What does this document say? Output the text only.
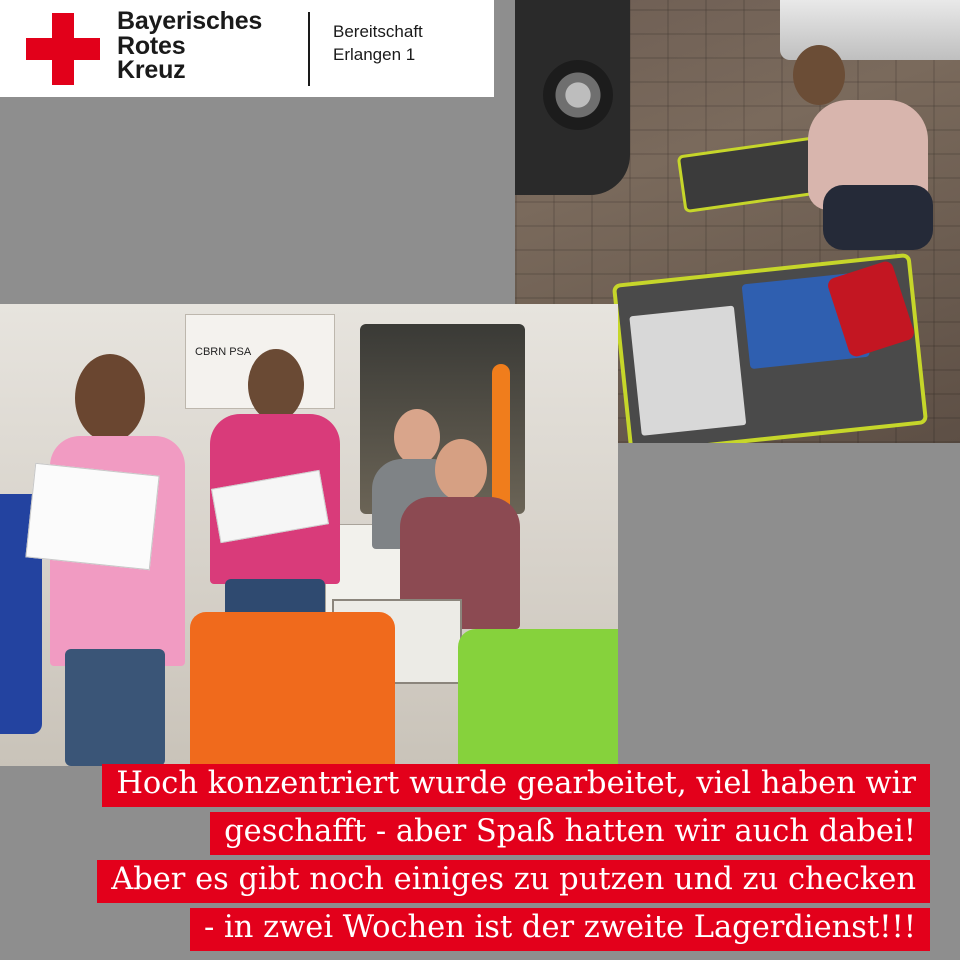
Bayerisches
Rotes
Kreuz
Bereitschaft
Erlangen 1
CBRN PSA
Hoch konzentriert wurde gearbeitet, viel haben wir
geschafft - aber Spaß hatten wir auch dabei!
Aber es gibt noch einiges zu putzen und zu checken
- in zwei Wochen ist der zweite Lagerdienst!!!
